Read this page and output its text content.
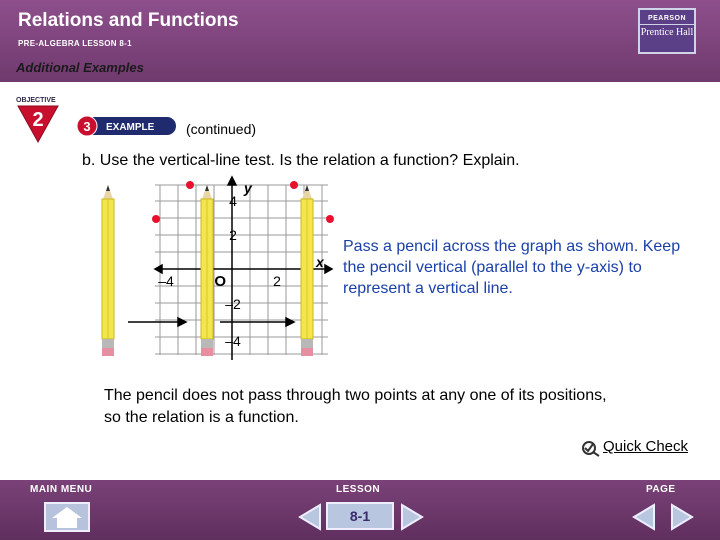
Relations and Functions
PRE-ALGEBRA LESSON 8-1
PEARSON
Prentice Hall
Additional Examples
OBJECTIVE
2	3 EXAMPLE (continued)
b. Use the vertical-line test. Is the relation a function? Explain.
y
x
O
–4	2
4
2
–2
–4
Pass a pencil across the graph as shown. Keep the pencil vertical (parallel to the y-axis) to represent a vertical line.
The pencil does not pass through two points at any one of its positions, so the relation is a function.
Quick Check
MAIN MENU	LESSON	PAGE
8-1
